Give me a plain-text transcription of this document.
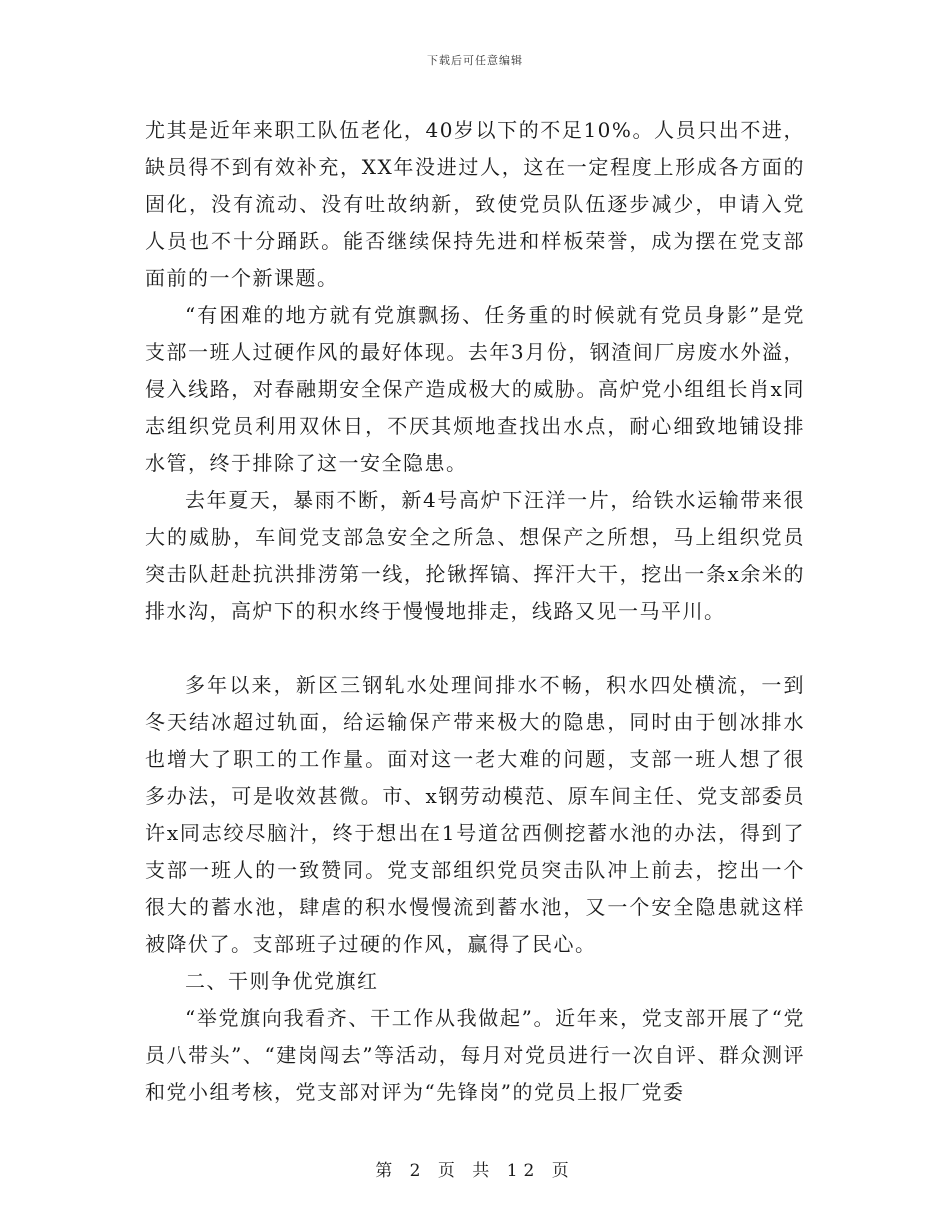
下载后可任意编辑

尤其是近年来职工队伍老化，40岁以下的不足10%。人员只出不进，缺员得不到有效补充，XX年没进过人，这在一定程度上形成各方面的固化，没有流动、没有吐故纳新，致使党员队伍逐步减少，申请入党人员也不十分踊跃。能否继续保持先进和样板荣誉，成为摆在党支部面前的一个新课题。

“有困难的地方就有党旗飘扬、任务重的时候就有党员身影”是党支部一班人过硬作风的最好体现。去年3月份，钢渣间厂房废水外溢，侵入线路，对春融期安全保产造成极大的威胁。高炉党小组组长肖x同志组织党员利用双休日，不厌其烦地查找出水点，耐心细致地铺设排水管，终于排除了这一安全隐患。

去年夏天，暴雨不断，新4号高炉下汪洋一片，给铁水运输带来很大的威胁，车间党支部急安全之所急、想保产之所想，马上组织党员突击队赶赴抗洪排涝第一线，抡锹挥镐、挥汗大干，挖出一条x余米的排水沟，高炉下的积水终于慢慢地排走，线路又见一马平川。

多年以来，新区三钢轧水处理间排水不畅，积水四处横流，一到冬天结冰超过轨面，给运输保产带来极大的隐患，同时由于刨冰排水也增大了职工的工作量。面对这一老大难的问题，支部一班人想了很多办法，可是收效甚微。市、x钢劳动模范、原车间主任、党支部委员许x同志绞尽脑汁，终于想出在1号道岔西侧挖蓄水池的办法，得到了支部一班人的一致赞同。党支部组织党员突击队冲上前去，挖出一个很大的蓄水池，肆虐的积水慢慢流到蓄水池，又一个安全隐患就这样被降伏了。支部班子过硬的作风，赢得了民心。

二、干则争优党旗红

“举党旗向我看齐、干工作从我做起”。近年来，党支部开展了“党员八带头”、“建岗闯去”等活动，每月对党员进行一次自评、群众测评和党小组考核，党支部对评为“先锋岗”的党员上报厂党委

第 2 页 共 12 页
